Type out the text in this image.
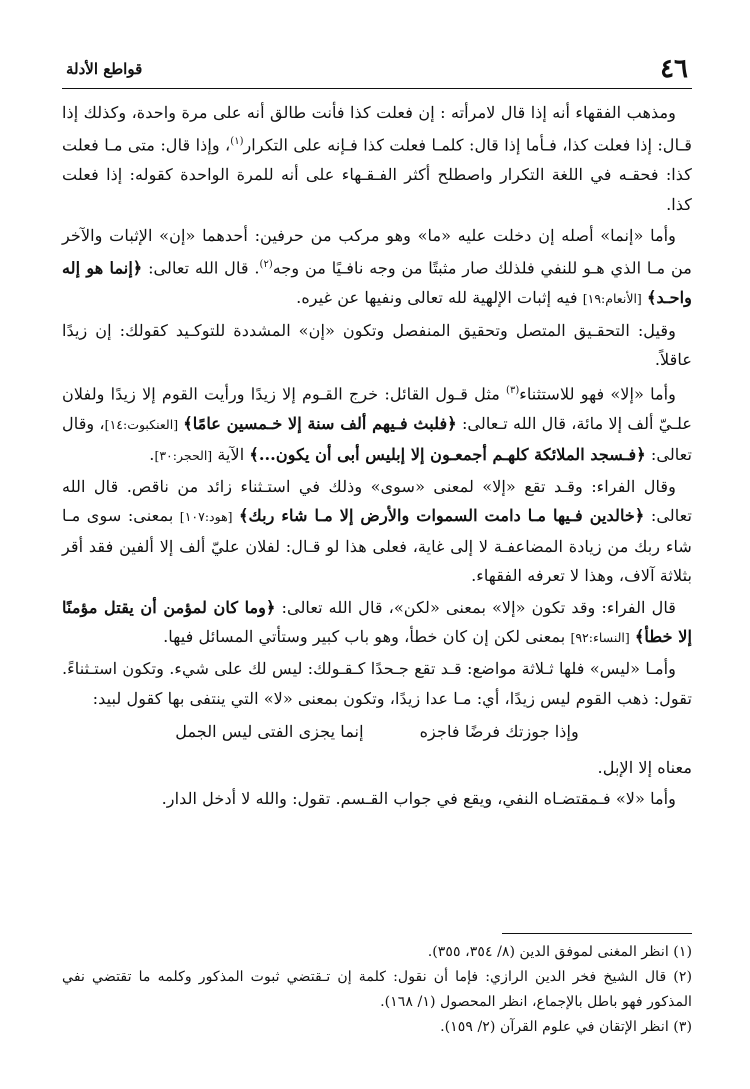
٤٦
قواطع الأدلة

ومذهب الفقهاء أنه إذا قال لامرأته : إن فعلت كذا فأنت طالق أنه على مرة واحدة، وكذلك إذا قـال: إذا فعلت كذا، فـأما إذا قال: كلمـا فعلت كذا فـإنه على التكرار$^{(١)}$، وإذا قال: متى مـا فعلت كذا: فحقـه في اللغة التكرار واصطلح أكثر الفـقـهاء على أنه للمرة الواحدة كقوله: إذا فعلت كذا.

وأما «إنما» أصله إن دخلت عليه «ما» وهو مركب من حرفين: أحدهما «إن» الإثبات والآخر من مـا الذي هـو للنفي فلذلك صار مثبتًا من وجه نافـيًا من وجه$^{(٢)}$. قال الله تعالى: ﴿إنما هو إله واحـد﴾ [الأنعام:١٩] فيه إثبات الإلهية لله تعالى ونفيها عن غيره.

وقيل: التحقـيق المتصل وتحقيق المنفصل وتكون «إن» المشددة للتوكـيد كقولك: إن زيدًا عاقلاً.

وأما «إلا» فهو للاستثناء$^{(٣)}$ مثل قـول القائل: خرج القـوم إلا زيدًا ورأيت القوم إلا زيدًا ولفلان علـيّ ألف إلا مائة، قال الله تـعالى: ﴿فلبث فـيهم ألف سنة إلا خـمسين عامًا﴾ [العنكبوت:١٤]، وقال تعالى: ﴿فـسجد الملائكة كلهـم أجمعـون إلا إبليس أبى أن يكون...﴾ الآية [الحجر:٣٠].

وقال الفراء: وقـد تقع «إلا» لمعنى «سوى» وذلك في استـثناء زائد من ناقص. قال الله تعالى: ﴿خالدين فـيها مـا دامت السموات والأرض إلا مـا شاء ربك﴾ [هود:١٠٧] بمعنى: سوى مـا شاء ربك من زيادة المضاعفـة لا إلى غاية، فعلى هذا لو قـال: لفلان عليّ ألف إلا ألفين فقد أقر بثلاثة آلاف، وهذا لا تعرفه الفقهاء.

قال الفراء: وقد تكون «إلا» بمعنى «لكن»، قال الله تعالى: ﴿وما كان لمؤمن أن يقتل مؤمنًا إلا خطأ﴾ [النساء:٩٢] بمعنى لكن إن كان خطأ، وهو باب كبير وستأتي المسائل فيها.

وأمـا «ليس» فلها ثـلاثة مواضع: قـد تقع جـحدًا كـقـولك: ليس لك على شيء. وتكون استـثناءً. تقول: ذهب القوم ليس زيدًا، أي: مـا عدا زيدًا، وتكون بمعنى «لا» التي ينتفى بها كقول لبيد:

وإذا جوزتك فرضًا فاجزه
إنما يجزى الفتى ليس الجمل

معناه إلا الإبل.

وأما «لا» فـمقتضـاه النفي، ويقع في جواب القـسم. تقول: والله لا أدخل الدار.

(١) انظر المغنى لموفق الدين (٨/ ٣٥٤، ٣٥٥).

(٢) قال الشيخ فخر الدين الرازي: فإما أن نقول: كلمة إن تـقتضي ثبوت المذكور وكلمه ما تقتضي نفي المذكور فهو باطل بالإجماع، انظر المحصول (١/ ١٦٨).

(٣) انظر الإتقان في علوم القرآن (٢/ ١٥٩).
